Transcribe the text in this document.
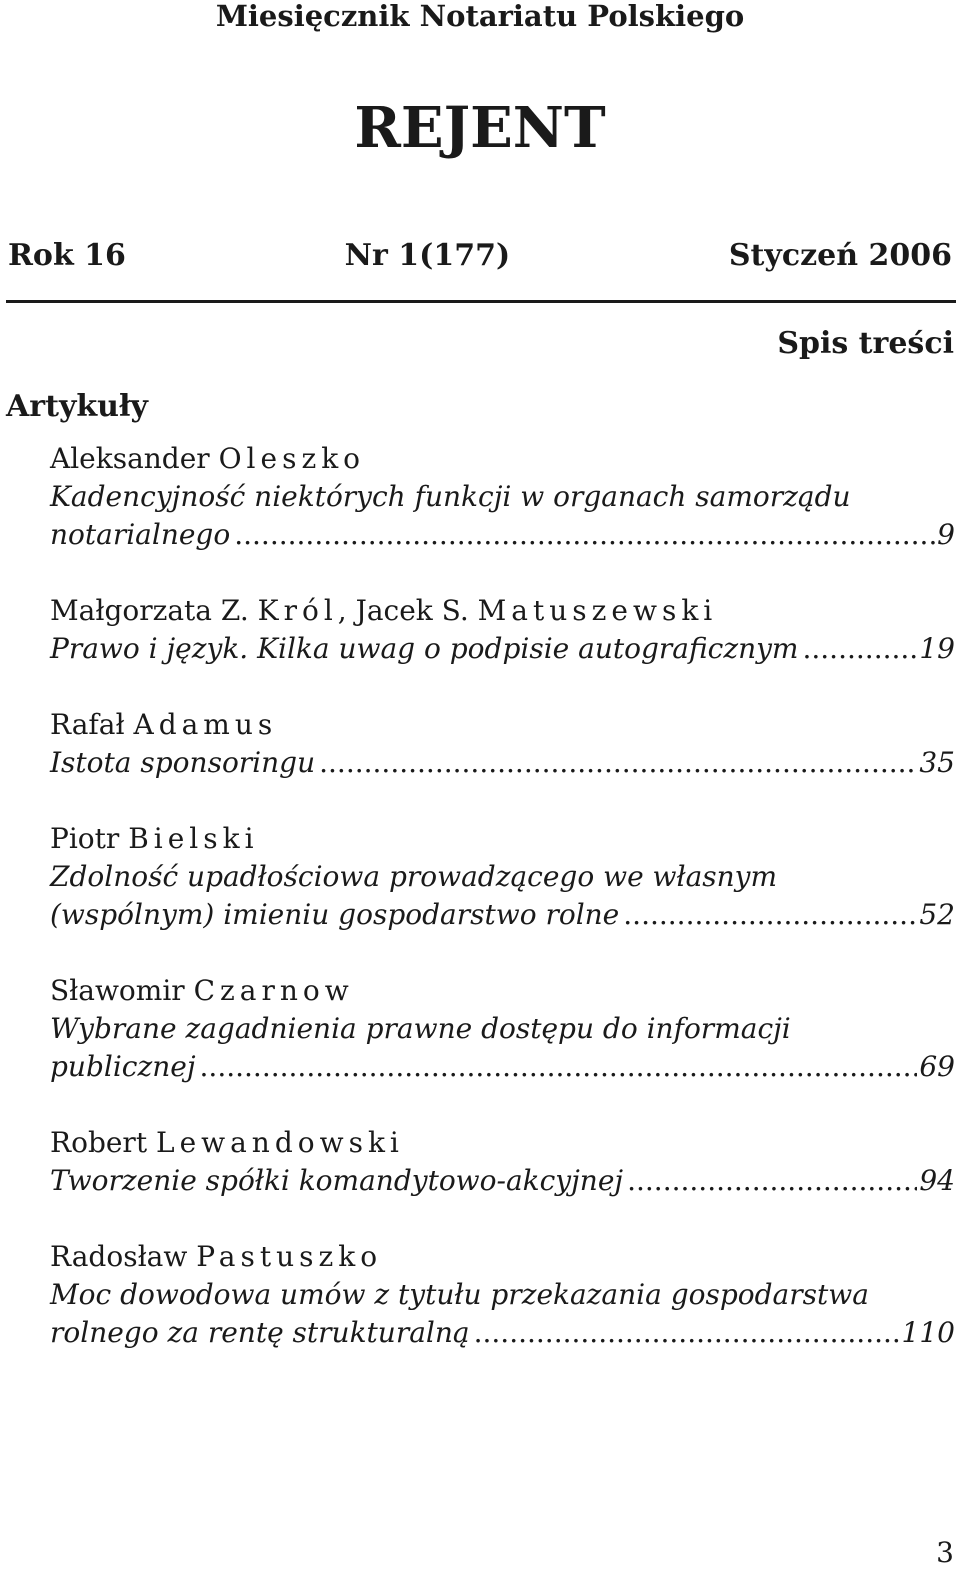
Miesięcznik Notariatu Polskiego
REJENT
Rok 16	Nr 1(177)	Styczeń 2006
Spis treści
Artykuły
Aleksander Oleszko
Kadencyjność niektórych funkcji w organach samorządu
notarialnego .....	9
Małgorzata Z. Król, Jacek S. Matuszewski
Prawo i język. Kilka uwag o podpisie autograficznym .....	19
Rafał Adamus
Istota sponsoringu .....	35
Piotr Bielski
Zdolność upadłościowa prowadzącego we własnym
(wspólnym) imieniu gospodarstwo rolne .....	52
Sławomir Czarnow
Wybrane zagadnienia prawne dostępu do informacji
publicznej .....	69
Robert Lewandowski
Tworzenie spółki komandytowo-akcyjnej .....	94
Radosław Pastuszko
Moc dowodowa umów z tytułu przekazania gospodarstwa
rolnego za rentę strukturalną .....	110
3
